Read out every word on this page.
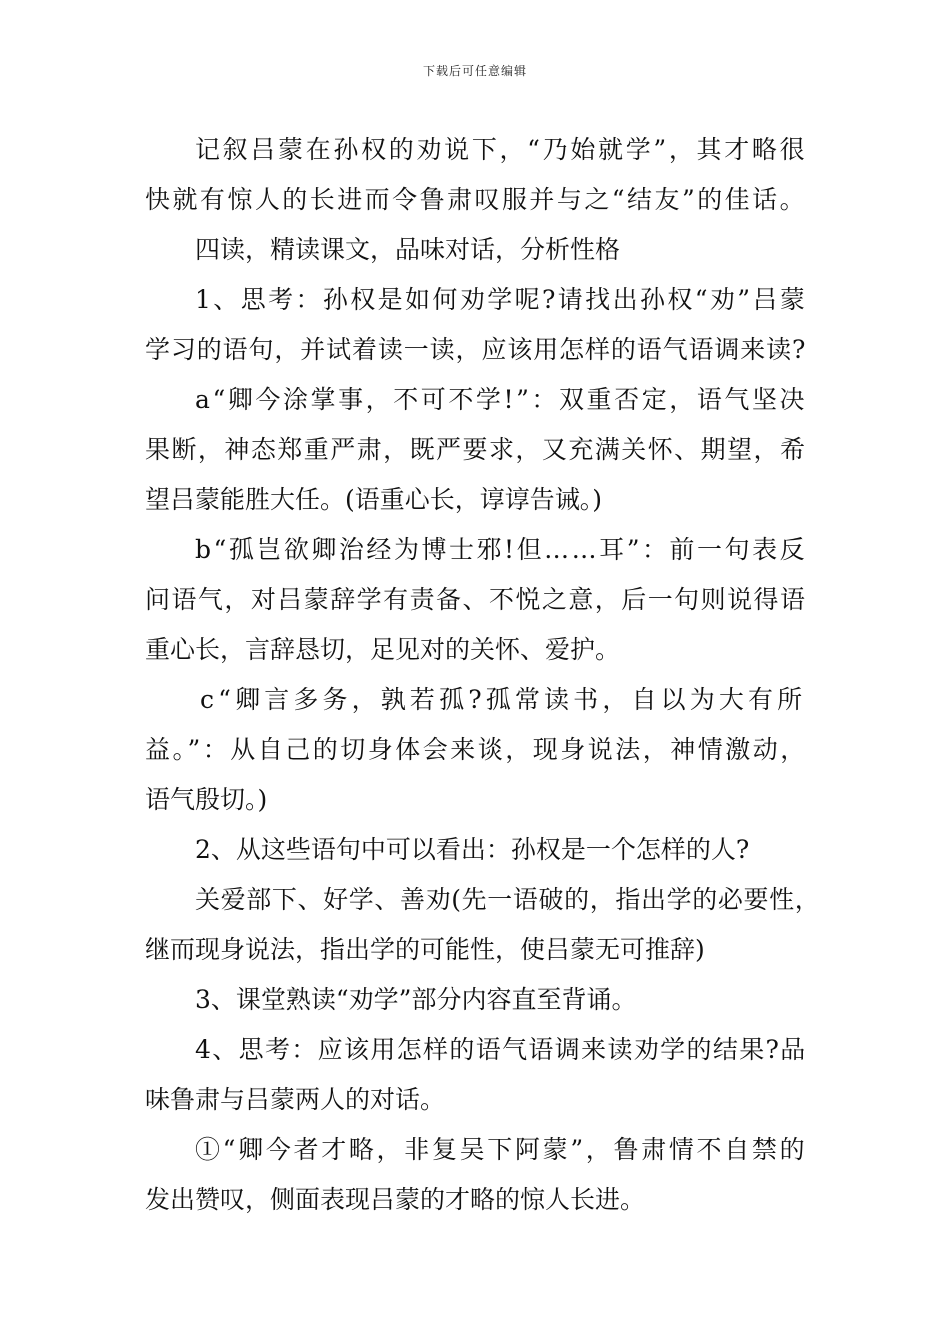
下载后可任意编辑
记叙吕蒙在孙权的劝说下，“乃始就学”，其才略很
快就有惊人的长进而令鲁肃叹服并与之“结友”的佳话。
四读，精读课文，品味对话，分析性格
1、思考：孙权是如何劝学呢?请找出孙权“劝”吕蒙
学习的语句，并试着读一读，应该用怎样的语气语调来读?
a“卿今涂掌事，不可不学!”：双重否定，语气坚决
果断，神态郑重严肃，既严要求，又充满关怀、期望，希
望吕蒙能胜大任。(语重心长，谆谆告诫。)
b“孤岂欲卿治经为博士邪!但……耳”：前一句表反
问语气，对吕蒙辞学有责备、不悦之意，后一句则说得语
重心长，言辞恳切，足见对的关怀、爱护。
c“卿言多务，孰若孤?孤常读书，自以为大有所
益。”：从自己的切身体会来谈，现身说法，神情激动，
语气殷切。)
2、从这些语句中可以看出：孙权是一个怎样的人?
关爱部下、好学、善劝(先一语破的，指出学的必要性，
继而现身说法，指出学的可能性，使吕蒙无可推辞)
3、课堂熟读“劝学”部分内容直至背诵。
4、思考：应该用怎样的语气语调来读劝学的结果?品
味鲁肃与吕蒙两人的对话。
①“卿今者才略，非复吴下阿蒙”，鲁肃情不自禁的
发出赞叹，侧面表现吕蒙的才略的惊人长进。
